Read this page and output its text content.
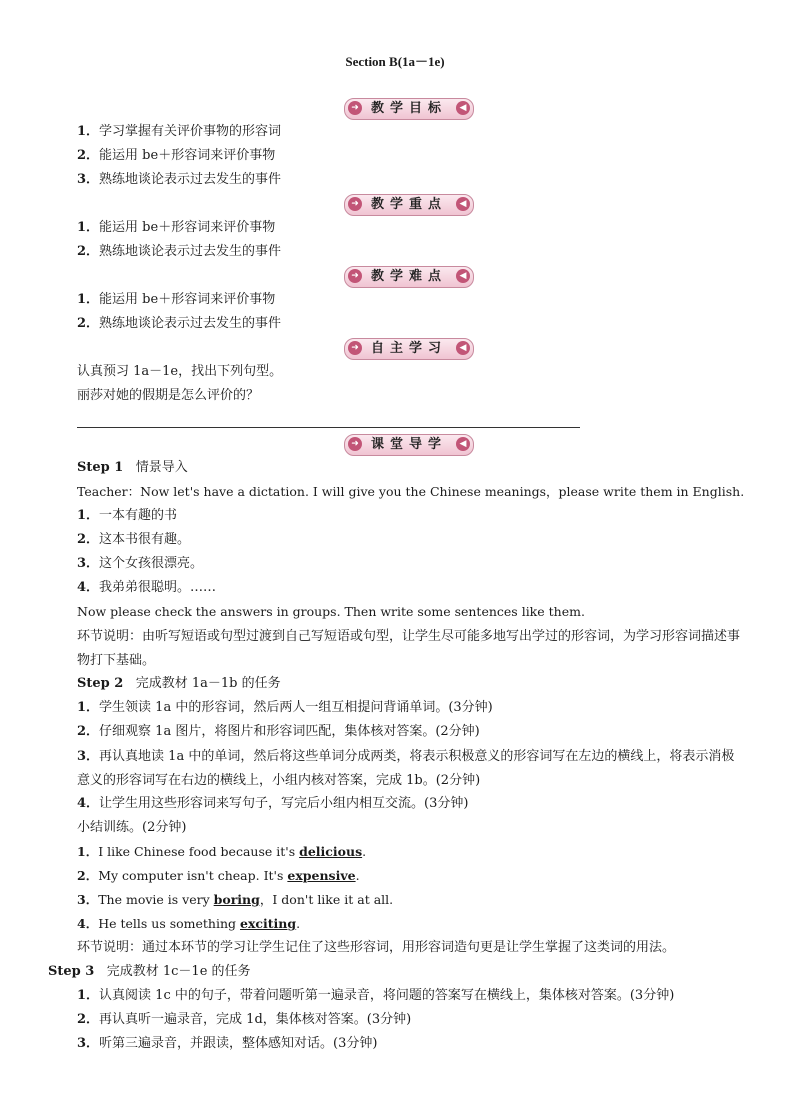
Section B(1a－1e)
➜ 教学目标	◀
1．学习掌握有关评价事物的形容词
2．能运用 be＋形容词来评价事物
3．熟练地谈论表示过去发生的事件
➜ 教学重点	◀
1．能运用 be＋形容词来评价事物
2．熟练地谈论表示过去发生的事件
➜ 教学难点	◀
1．能运用 be＋形容词来评价事物
2．熟练地谈论表示过去发生的事件
➜ 自主学习	◀
认真预习 1a－1e，找出下列句型。
丽莎对她的假期是怎么评价的？
➜ 课堂导学	◀
Step 1 情景导入
Teacher：Now let's have a dictation. I will give you the Chinese meanings，please write them in English.
1．一本有趣的书
2．这本书很有趣。
3．这个女孩很漂亮。
4．我弟弟很聪明。……
Now please check the answers in groups. Then write some sentences like them.
环节说明：由听写短语或句型过渡到自己写短语或句型，让学生尽可能多地写出学过的形容词，为学习形容词描述事物打下基础。
Step 2 完成教材 1a－1b 的任务
1．学生领读 1a 中的形容词，然后两人一组互相提问背诵单词。(3分钟)
2．仔细观察 1a 图片，将图片和形容词匹配，集体核对答案。(2分钟)
3．再认真地读 1a 中的单词，然后将这些单词分成两类，将表示积极意义的形容词写在左边的横线上，将表示消极意义的形容词写在右边的横线上，小组内核对答案，完成 1b。(2分钟)
4．让学生用这些形容词来写句子，写完后小组内相互交流。(3分钟)
小结训练。(2分钟)
1．I like Chinese food because it's delicious.
2．My computer isn't cheap. It's expensive.
3．The movie is very boring，I don't like it at all.
4．He tells us something exciting.
环节说明：通过本环节的学习让学生记住了这些形容词，用形容词造句更是让学生掌握了这类词的用法。
Step 3 完成教材 1c－1e 的任务
1．认真阅读 1c 中的句子，带着问题听第一遍录音，将问题的答案写在横线上，集体核对答案。(3分钟)
2．再认真听一遍录音，完成 1d，集体核对答案。(3分钟)
3．听第三遍录音，并跟读，整体感知对话。(3分钟)
